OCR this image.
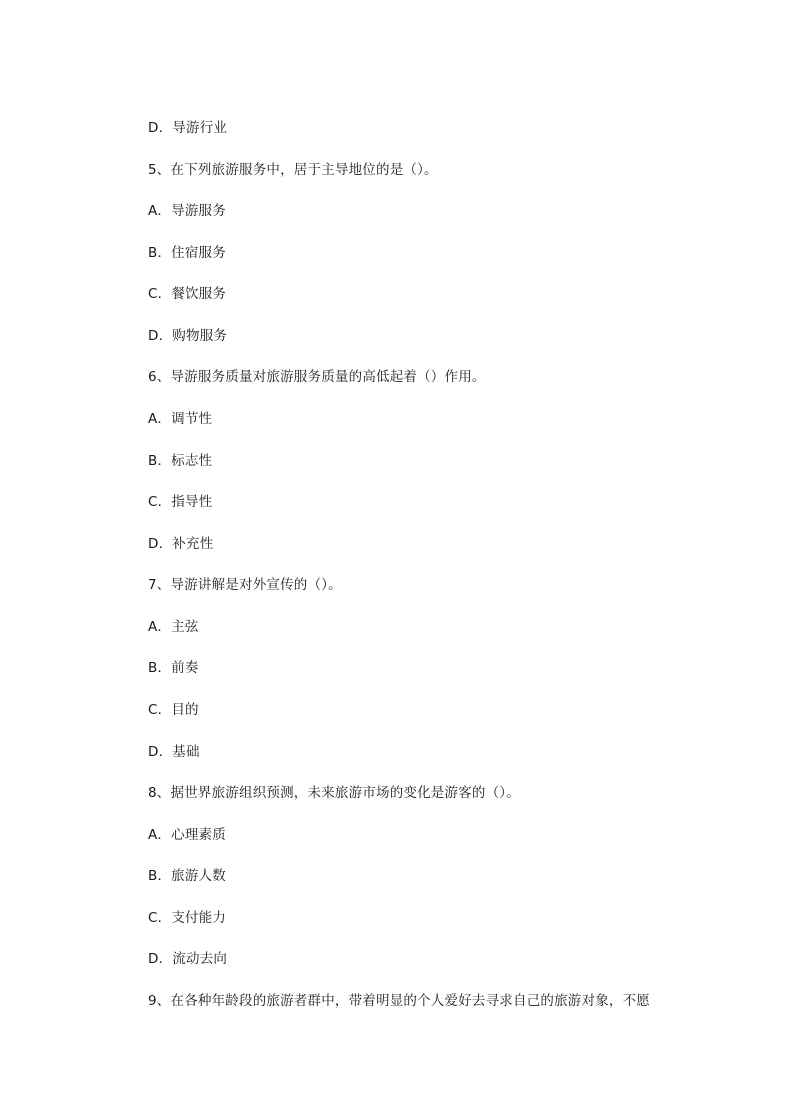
D．导游行业
5、在下列旅游服务中，居于主导地位的是（）。
A．导游服务
B．住宿服务
C．餐饮服务
D．购物服务
6、导游服务质量对旅游服务质量的高低起着（）作用。
A．调节性
B．标志性
C．指导性
D．补充性
7、导游讲解是对外宣传的（）。
A．主弦
B．前奏
C．目的
D．基础
8、据世界旅游组织预测，未来旅游市场的变化是游客的（）。
A．心理素质
B．旅游人数
C．支付能力
D．流动去向
9、在各种年龄段的旅游者群中，带着明显的个人爱好去寻求自己的旅游对象，不愿
